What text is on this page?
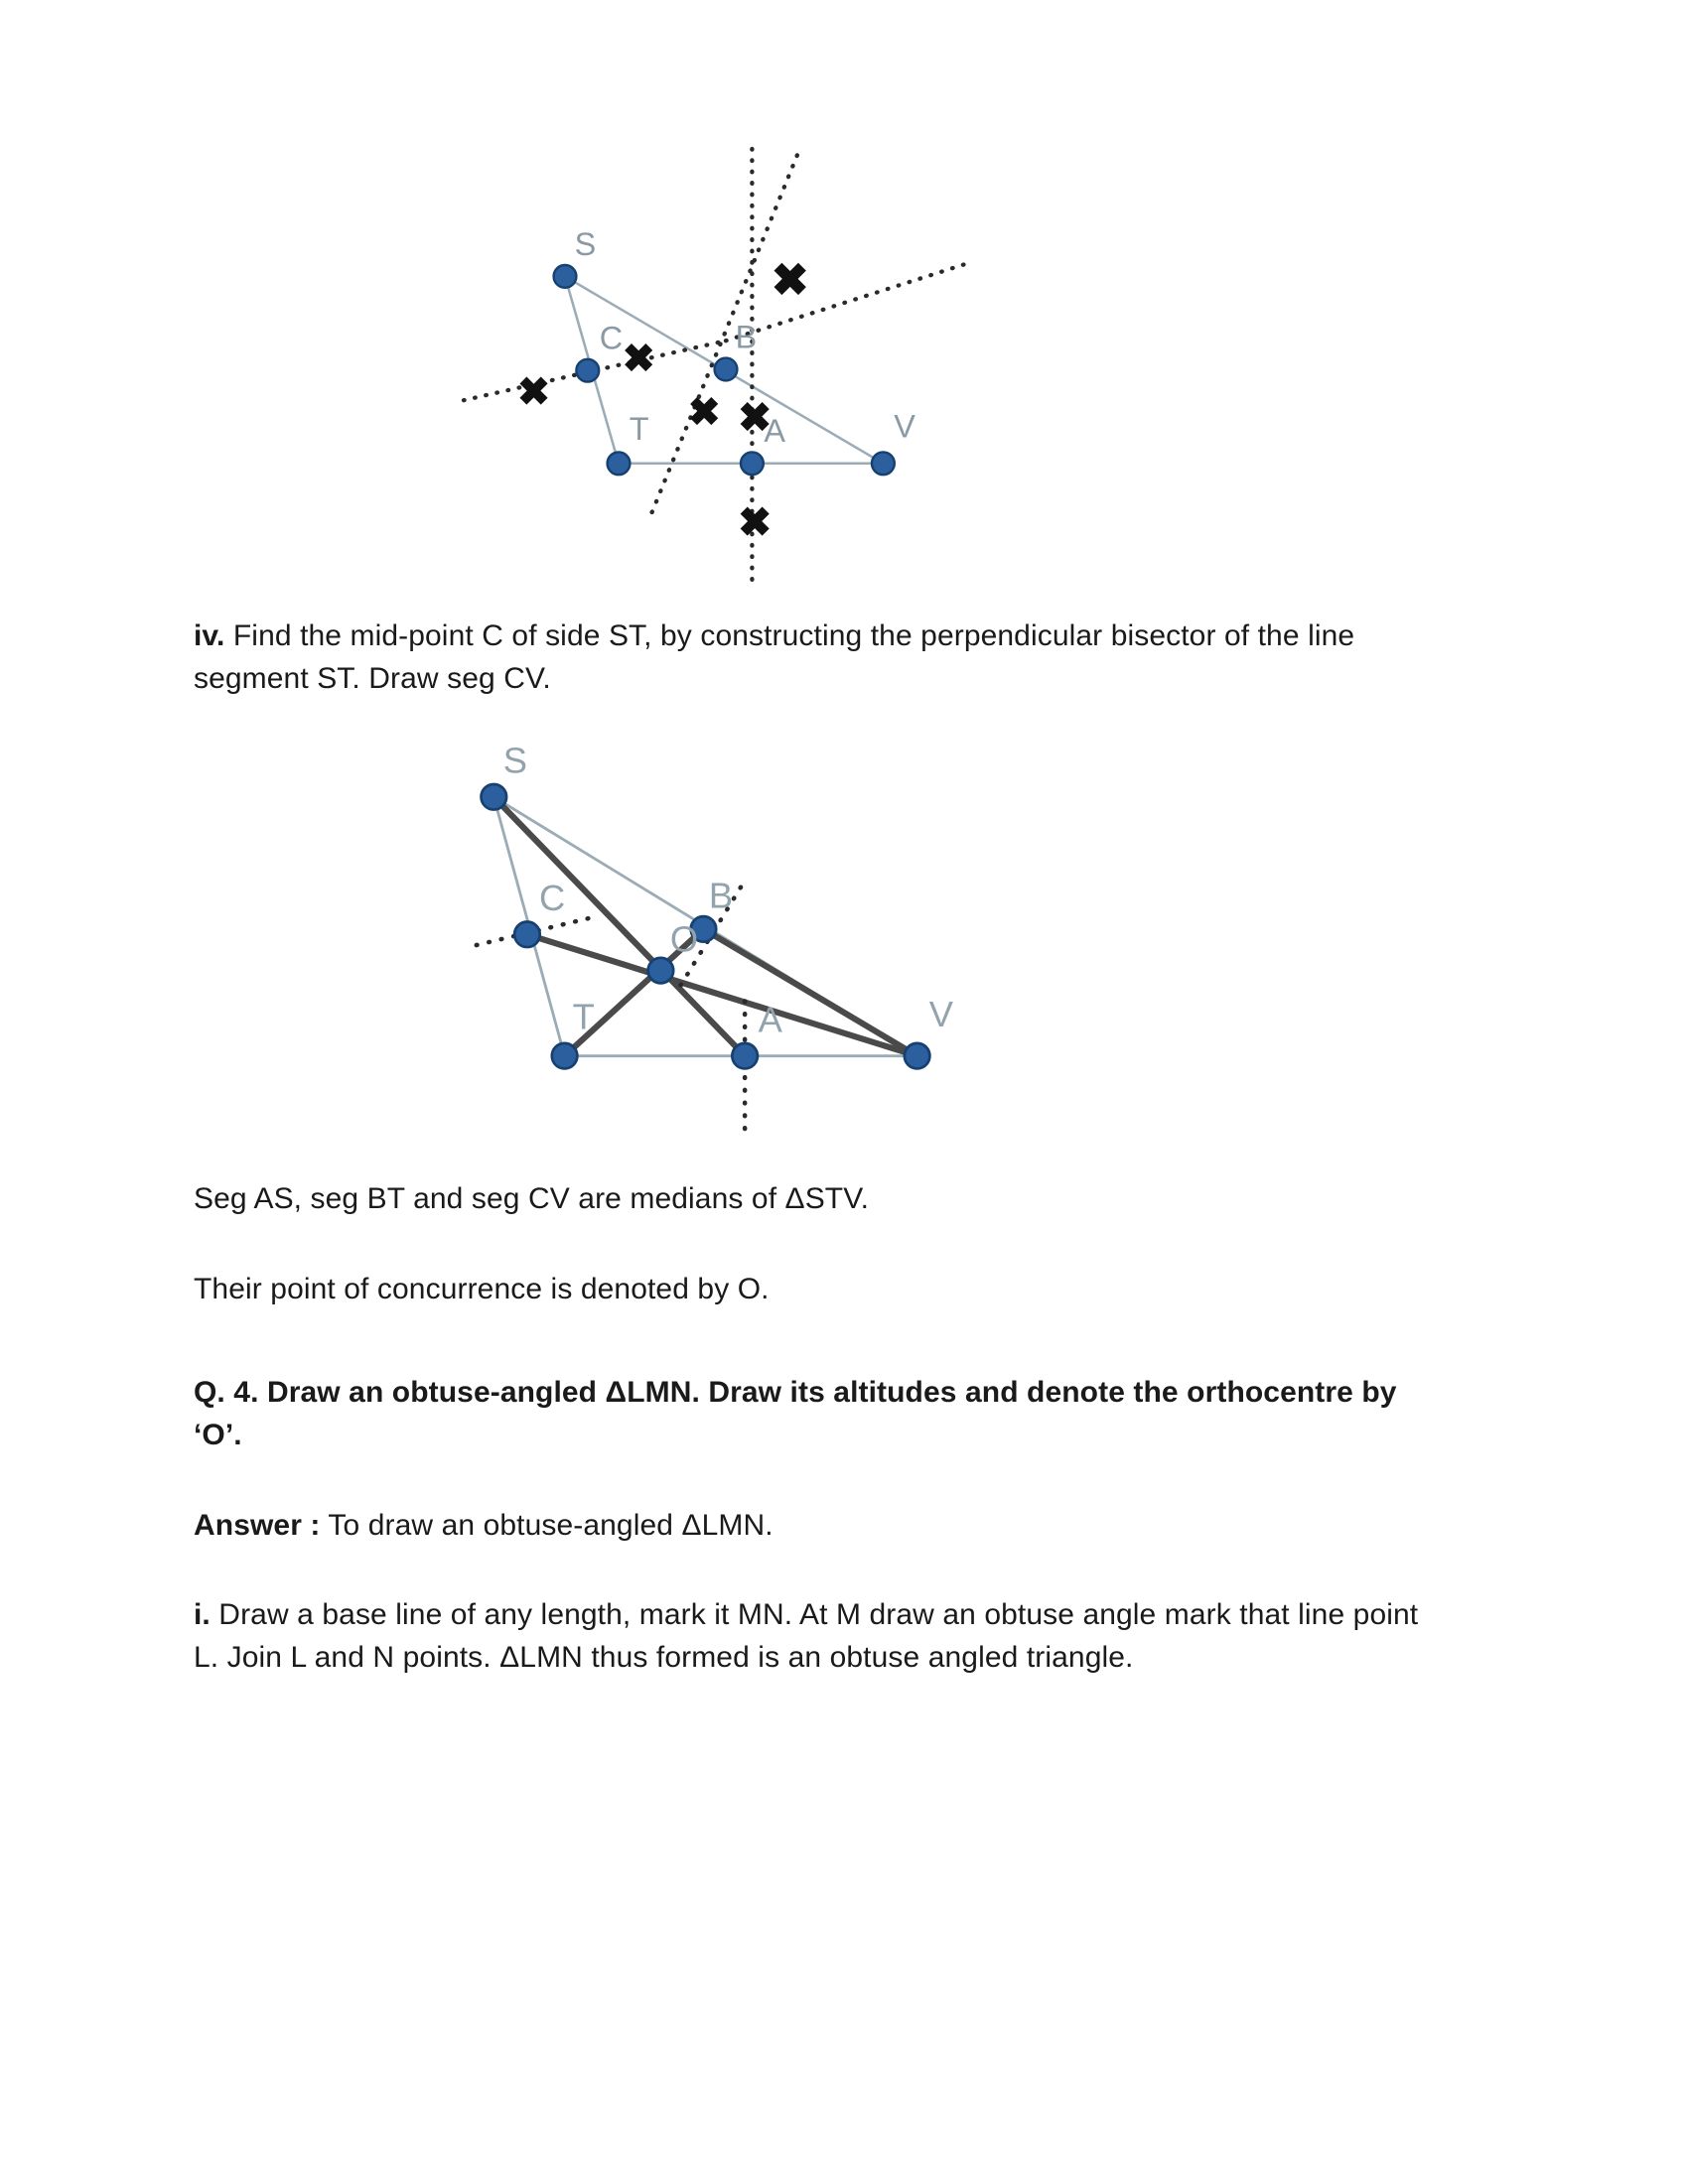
✖
✖
✖	✖ ✖
✖
S
C	B
T	A	V
iv. Find the mid-point C of side ST, by constructing the perpendicular bisector of the line segment ST. Draw seg CV.
S
C	B
O
T	A	V
Seg AS, seg BT and seg CV are medians of ΔSTV.
Their point of concurrence is denoted by O.
Q. 4. Draw an obtuse-angled ΔLMN. Draw its altitudes and denote the orthocentre by ‘O’.
Answer : To draw an obtuse-angled ΔLMN.
i. Draw a base line of any length, mark it MN. At M draw an obtuse angle mark that line point L. Join L and N points. ΔLMN thus formed is an obtuse angled triangle.
